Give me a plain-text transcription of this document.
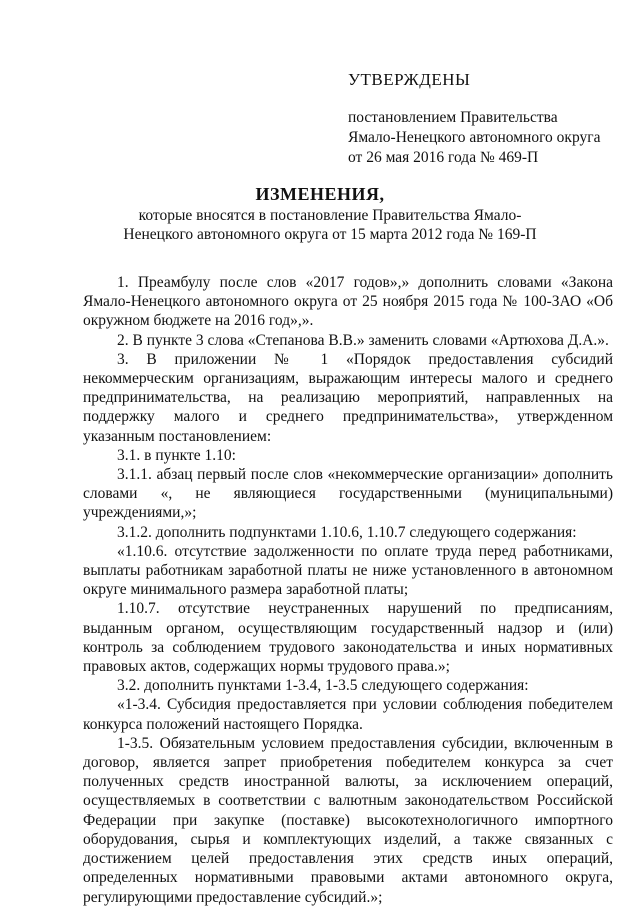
УТВЕРЖДЕНЫ
постановлением Правительства
Ямало-Ненецкого автономного округа
от 26 мая 2016 года № 469-П
ИЗМЕНЕНИЯ,
которые вносятся в постановление Правительства Ямало-Ненецкого автономного округа от 15 марта 2012 года № 169-П

1. Преамбулу после слов «2017 годов»,» дополнить словами «Закона Ямало-Ненецкого автономного округа от 25 ноября 2015 года № 100-ЗАО «Об окружном бюджете на 2016 год»,».

2. В пункте 3 слова «Степанова В.В.» заменить словами «Артюхова Д.А.».

3. В приложении № 1 «Порядок предоставления субсидий некоммерческим организациям, выражающим интересы малого и среднего предпринимательства, на реализацию мероприятий, направленных на поддержку малого и среднего предпринимательства», утвержденном указанным постановлением:

3.1. в пункте 1.10:

3.1.1. абзац первый после слов «некоммерческие организации» дополнить словами «, не являющиеся государственными (муниципальными) учреждениями,»;

3.1.2. дополнить подпунктами 1.10.6, 1.10.7 следующего содержания:

«1.10.6. отсутствие задолженности по оплате труда перед работниками, выплаты работникам заработной платы не ниже установленного в автономном округе минимального размера заработной платы;

1.10.7. отсутствие неустраненных нарушений по предписаниям, выданным органом, осуществляющим государственный надзор и (или) контроль за соблюдением трудового законодательства и иных нормативных правовых актов, содержащих нормы трудового права.»;

3.2. дополнить пунктами 1-3.4, 1-3.5 следующего содержания:

«1-3.4. Субсидия предоставляется при условии соблюдения победителем конкурса положений настоящего Порядка.

1-3.5. Обязательным условием предоставления субсидии, включенным в договор, является запрет приобретения победителем конкурса за счет полученных средств иностранной валюты, за исключением операций, осуществляемых в соответствии с валютным законодательством Российской Федерации при закупке (поставке) высокотехнологичного импортного оборудования, сырья и комплектующих изделий, а также связанных с достижением целей предоставления этих средств иных операций, определенных нормативными правовыми актами автономного округа, регулирующими предоставление субсидий.»;
